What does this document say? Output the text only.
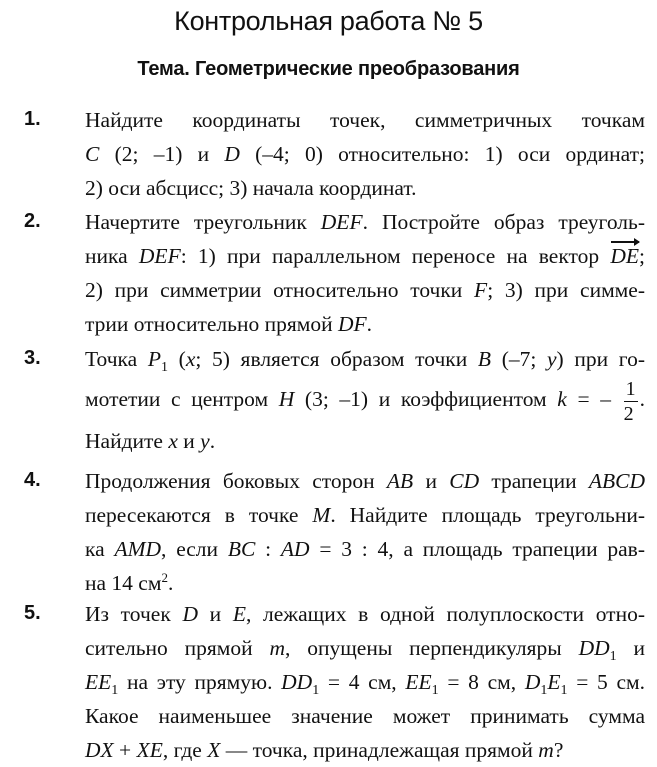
Контрольная работа № 5
Тема. Геометрические преобразования
1. Найдите координаты точек, симметричных точкам
C (2; –1) и D (–4; 0) относительно: 1) оси ординат;
2) оси абсцисс; 3) начала координат.
2. Начертите треугольник DEF. Постройте образ треуголь-
ника DEF: 1) при параллельном переносе на вектор DE;
2) при симметрии относительно точки F; 3) при симме-
трии относительно прямой DF.
3. Точка $P_1$ (x; 5) является образом точки B (–7; y) при го-
мотетии с центром H (3; –1) и коэффициентом k = – $\frac{1}{2}$ .
Найдите x и y.
4. Продолжения боковых сторон AB и CD трапеции ABCD
пересекаются в точке M. Найдите площадь треугольни-
ка AMD, если BC : AD = 3 : 4, а площадь трапеции рав-
на 14 $см^2$.
5. Из точек D и E, лежащих в одной полуплоскости отно-
сительно прямой m, опущены перпендикуляры $DD_1$ и
$EE_1$ на эту прямую. $DD_1 = 4$ см, $EE_1 = 8$ см, $D_1E_1 = 5$ см.
Какое наименьшее значение может принимать сумма
DX + XE, где X — точка, принадлежащая прямой m?
